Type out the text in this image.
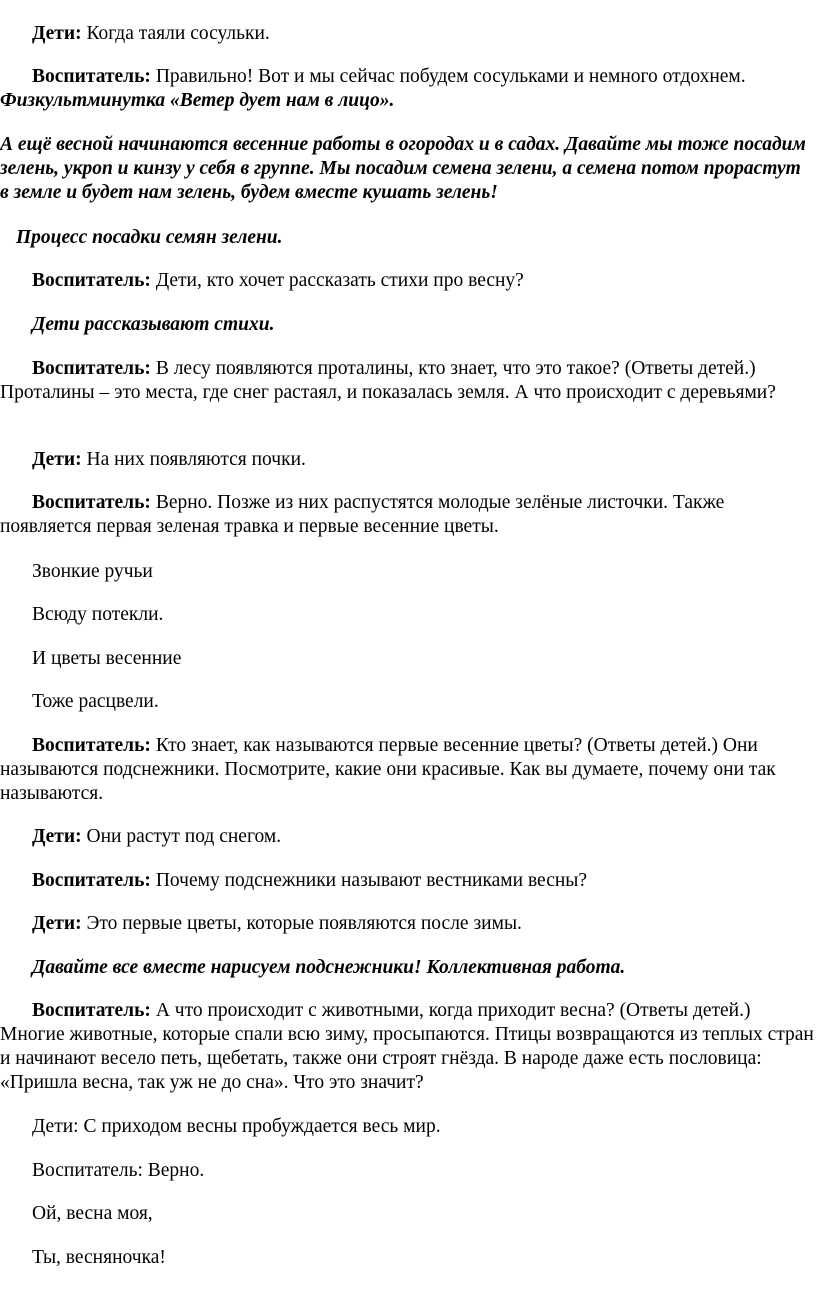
Дети: Когда таяли сосульки.

Воспитатель: Правильно! Вот и мы сейчас побудем сосульками и немного отдохнем.

Физкультминутка «Ветер дует нам в лицо».

А ещё весной начинаются весенние работы в огородах и в садах. Давайте мы тоже посадим зелень, укроп и кинзу у себя в группе. Мы посадим семена зелени, а семена потом прорастут в земле и будет нам зелень, будем вместе кушать зелень!

Процесс посадки семян зелени.

Воспитатель: Дети, кто хочет рассказать стихи про весну?

Дети рассказывают стихи.

Воспитатель: В лесу появляются проталины, кто знает, что это такое? (Ответы детей.) Проталины – это места, где снег растаял, и показалась земля. А что происходит с деревьями?

Дети: На них появляются почки.

Воспитатель: Верно. Позже из них распустятся молодые зелёные листочки. Также появляется первая зеленая травка и первые весенние цветы.

Звонкие ручьи

Всюду потекли.

И цветы весенние

Тоже расцвели.

Воспитатель: Кто знает, как называются первые весенние цветы? (Ответы детей.) Они называются подснежники. Посмотрите, какие они красивые. Как вы думаете, почему они так называются.

Дети: Они растут под снегом.

Воспитатель: Почему подснежники называют вестниками весны?

Дети: Это первые цветы, которые появляются после зимы.

Давайте все вместе нарисуем подснежники! Коллективная работа.

Воспитатель: А что происходит с животными, когда приходит весна? (Ответы детей.) Многие животные, которые спали всю зиму, просыпаются. Птицы возвращаются из теплых стран и начинают весело петь, щебетать, также они строят гнёзда. В народе даже есть пословица: «Пришла весна, так уж не до сна». Что это значит?

Дети: С приходом весны пробуждается весь мир.

Воспитатель: Верно.

Ой, весна моя,

Ты, весняночка!
